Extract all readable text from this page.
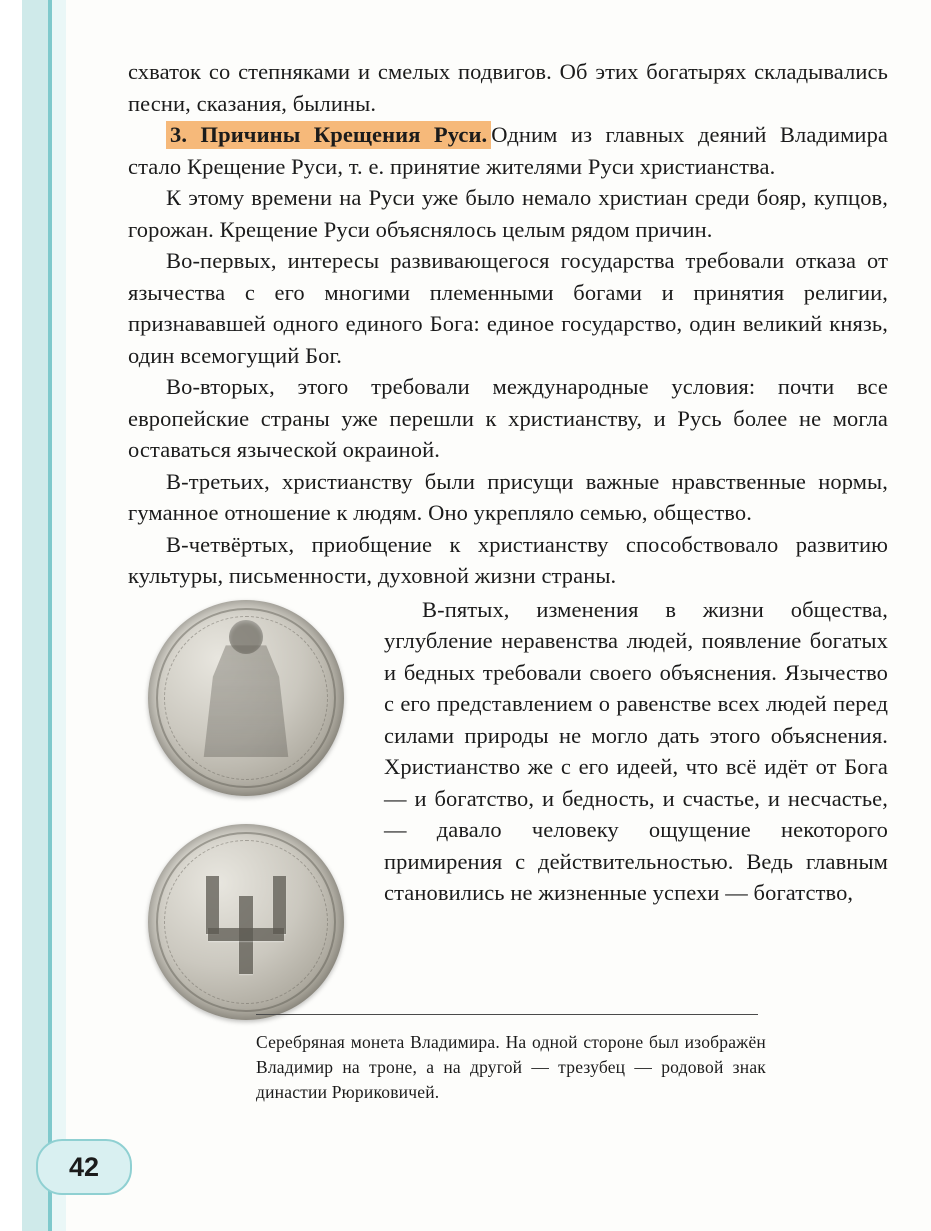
схваток со степняками и смелых подвигов. Об этих богатырях складывались песни, сказания, былины.

3. Причины Крещения Руси. Одним из главных деяний Владимира стало Крещение Руси, т. е. принятие жителями Руси христианства.

К этому времени на Руси уже было немало христиан среди бояр, купцов, горожан. Крещение Руси объяснялось целым рядом причин.

Во-первых, интересы развивающегося государства требовали отказа от язычества с его многими племенными богами и принятия религии, признававшей одного единого Бога: единое государство, один великий князь, один всемогущий Бог.

Во-вторых, этого требовали международные условия: почти все европейские страны уже перешли к христианству, и Русь более не могла оставаться языческой окраиной.

В-третьих, христианству были присущи важные нравственные нормы, гуманное отношение к людям. Оно укрепляло семью, общество.

В-четвёртых, приобщение к христианству способствовало развитию культуры, письменности, духовной жизни страны.

В-пятых, изменения в жизни общества, углубление неравенства людей, появление богатых и бедных требовали своего объяснения. Язычество с его представлением о равенстве всех людей перед силами природы не могло дать этого объяснения. Христианство же с его идеей, что всё идёт от Бога — и богатство, и бедность, и счастье, и несчастье, — давало человеку ощущение некоторого примирения с действительностью. Ведь главным становились не жизненные успехи — богатство,

Серебряная монета Владимира. На одной стороне был изображён Владимир на троне, а на другой — трезубец — родовой знак династии Рюриковичей.
42
